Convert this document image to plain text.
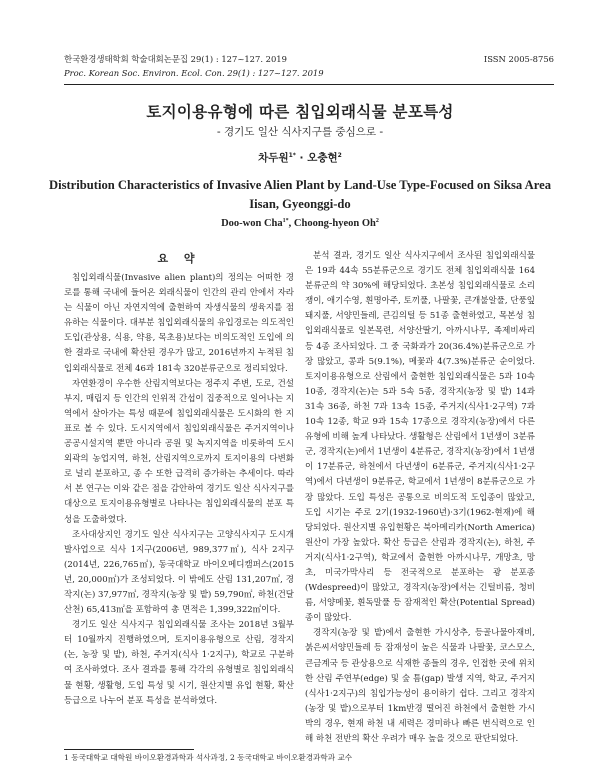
한국환경생태학회 학술대회논문집 29(1) : 127~127. 2019	ISSN 2005-8756
Proc. Korean Soc. Environ. Ecol. Con. 29(1) : 127~127. 2019
토지이용유형에 따른 침입외래식물 분포특성
- 경기도 일산 식사지구를 중심으로 -
차두원$^{1*}$ · 오충현$^2$
Distribution Characteristics of Invasive Alien Plant by Land-Use Type-Focused on Siksa Area Iisan, Gyeonggi-do
Doo-won Cha$^{1*}$, Choong-hyeon Oh$^2$
요 약

침입외래식물(Invasive alien plant)의 정의는 어떠한 경로를 통해 국내에 들어온 외래식물이 인간의 관리 안에서 자라는 식물이 아닌 자연지역에 출현하여 자생식물의 생육지를 점유하는 식물이다. 대부분 침입외래식물의 유입경로는 의도적인 도입(관상용, 식용, 약용, 목초용)보다는 비의도적인 도입에 의한 결과로 국내에 확산된 경우가 많고, 2016년까지 누적된 침입외래식물로 전체 46과 181속 320분류군으로 정리되었다.

자연환경이 우수한 산림지역보다는 정주지 주변, 도로, 건설부지, 매립지 등 인간의 인위적 간섭이 집중적으로 일어나는 지역에서 살아가는 특성 때문에 침입외래식물은 도시화의 한 지표로 볼 수 있다. 도시지역에서 침입외래식물은 주거지역이나 공공시설지역 뿐만 아니라 공원 및 녹지지역을 비롯하여 도시외곽의 농업지역, 하천, 산림지역으로까지 토지이용의 다변화로 널리 분포하고, 종 수 또한 급격히 증가하는 추세이다. 따라서 본 연구는 이와 같은 점을 감안하여 경기도 일산 식사지구를 대상으로 토지이용유형별로 나타나는 침입외래식물의 분포 특성을 도출하였다.

조사대상지인 경기도 일산 식사지구는 고양식사지구 도시개발사업으로 식사 1지구(2006년, 989,377㎡), 식사 2지구(2014년, 226,765㎡), 동국대학교 바이오메디캠퍼스(2015년, 20,000㎡)가 조성되었다. 이 밖에도 산림 131,207㎡, 경작지(논) 37,977㎡, 경작지(농장 및 밭) 59,790㎡, 하천(건달산천) 65,413㎡을 포함하여 총 면적은 1,399,322㎡이다.

경기도 일산 식사지구 침입외래식물 조사는 2018년 3월부터 10월까지 진행하였으며, 토지이용유형으로 산림, 경작지(논, 농장 및 밭), 하천, 주거지(식사 1·2지구), 학교로 구분하여 조사하였다. 조사 결과를 통해 각각의 유형별로 침입외래식물 현황, 생활형, 도입 특성 및 시기, 원산지별 유입 현황, 확산 등급으로 나누어 분포 특성을 분석하였다.

분석 결과, 경기도 일산 식사지구에서 조사된 침입외래식물은 19과 44속 55분류군으로 경기도 전체 침입외래식물 164분류군의 약 30%에 해당되었다. 초본성 침입외래식물로 소리쟁이, 애기수영, 흰명아주, 토끼풀, 나팔꽃, 큰개불알풀, 단풍잎돼지풀, 서양민들레, 큰김의털 등 51종 출현하였고, 목본성 침입외래식물로 일본목련, 서양산딸기, 아까시나무, 족제비싸리 등 4종 조사되었다. 그 중 국화과가 20(36.4%)분류군으로 가장 많았고, 콩과 5(9.1%), 메꽃과 4(7.3%)분류군 순이었다. 토지이용유형으로 산림에서 출현한 침입외래식물은 5과 10속 10종, 경작지(논)는 5과 5속 5종, 경작지(농장 및 밭) 14과 31속 36종, 하천 7과 13속 15종, 주거지(식사1·2구역) 7과 10속 12종, 학교 9과 15속 17종으로 경작지(농장)에서 다른 유형에 비해 높게 나타났다. 생활형은 산림에서 1년생이 3분류군, 경작지(논)에서 1년생이 4분류군, 경작지(농장)에서 1년생이 17분류군, 하천에서 다년생이 6분류군, 주거지(식사1·2구역)에서 다년생이 9분류군, 학교에서 1년생이 8분류군으로 가장 많았다. 도입 특성은 공통으로 비의도적 도입종이 많았고, 도입 시기는 주로 2기(1932-1960년)·3기(1962-현재)에 해당되었다. 원산지별 유입현황은 북아메리카(North America) 원산이 가장 높았다. 확산 등급은 산림과 경작지(논), 하천, 주거지(식사1·2구역), 학교에서 출현한 아까시나무, 개망초, 망초, 미국가막사리 등 전국적으로 분포하는 광 분포종(Wdespreed)이 많았고, 경작지(농장)에서는 긴털비름, 청비름, 서양메꽃, 흰독말풀 등 잠재적인 확산(Potential Spread)종이 많았다.

경작지(농장 및 밭)에서 출현한 가시상추, 등골나물아재비, 붉은씨서양민들레 등 잠재성이 높은 식물과 나팔꽃, 코스모스, 큰금계국 등 관상용으로 식재한 종들의 경우, 인접한 곳에 위치한 산림 주연부(edge) 및 숲 틈(gap) 발생 지역, 학교, 주거지(식사1·2지구)의 침입가능성이 용이하기 쉽다. 그리고 경작지(농장 및 밭)으로부터 1km반경 떨어진 하천에서 출현한 가시박의 경우, 현재 하천 내 세력은 경미하나 빠른 번식력으로 인해 하천 전반의 확산 우려가 매우 높을 것으로 판단되었다.

1 동국대학교 대학원 바이오환경과학과 석사과정, 2 동국대학교 바이오환경과학과 교수
